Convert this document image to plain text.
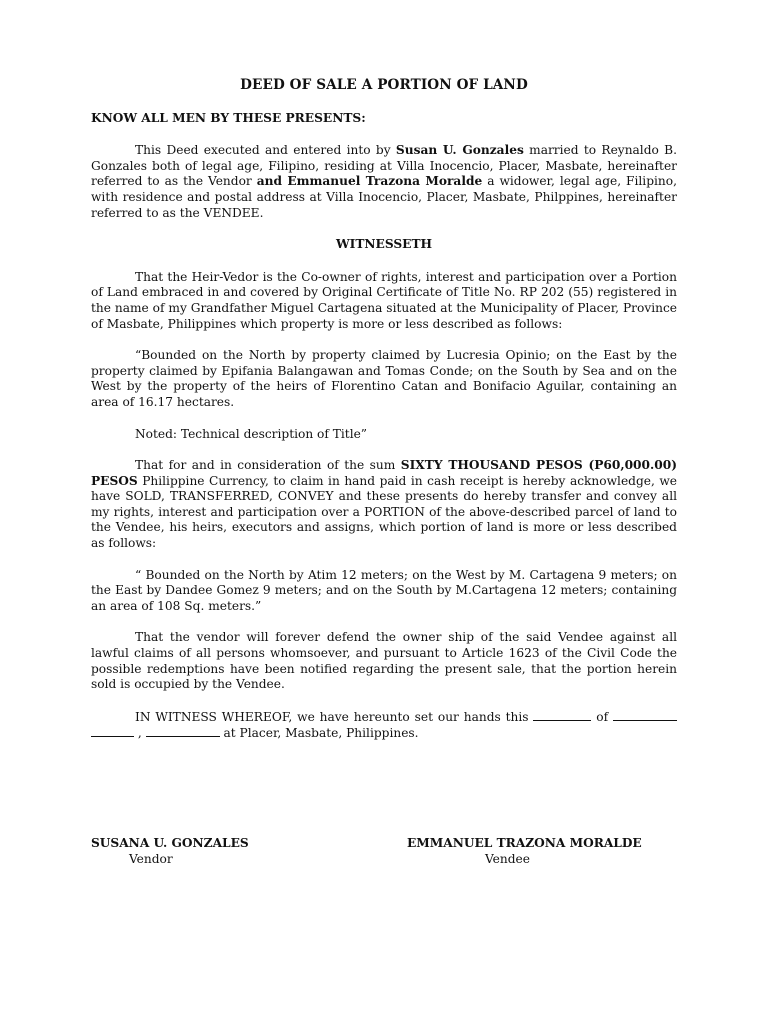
DEED OF SALE A PORTION OF LAND
KNOW ALL MEN BY THESE PRESENTS:

This Deed executed and entered into by Susan U. Gonzales married to Reynaldo B. Gonzales both of legal age, Filipino, residing at Villa Inocencio, Placer, Masbate, hereinafter referred to as the Vendor and Emmanuel Trazona Moralde a widower, legal age, Filipino, with residence and postal address at Villa Inocencio, Placer, Masbate, Philppines, hereinafter referred to as the VENDEE.

WITNESSETH

That the Heir-Vedor is the Co-owner of rights, interest and participation over a Portion of Land embraced in and covered by Original Certificate of Title No. RP 202 (55) registered in the name of my Grandfather Miguel Cartagena situated at the Municipality of Placer, Province of Masbate, Philippines which property is more or less described as follows:

“Bounded on the North by property claimed by Lucresia Opinio; on the East by the property claimed by Epifania Balangawan and Tomas Conde; on the South by Sea and on the West by the property of the heirs of Florentino Catan and Bonifacio Aguilar, containing an area of 16.17 hectares.

Noted: Technical description of Title”

That for and in consideration of the sum SIXTY THOUSAND PESOS (P60,000.00) PESOS Philippine Currency, to claim in hand paid in cash receipt is hereby acknowledge, we have SOLD, TRANSFERRED, CONVEY and these presents do hereby transfer and convey all my rights, interest and participation over a PORTION of the above-described parcel of land to the Vendee, his heirs, executors and assigns, which portion of land is more or less described as follows:

“ Bounded on the North by Atim 12 meters; on the West by M. Cartagena 9 meters; on the East by Dandee Gomez 9 meters; and on the South by M.Cartagena 12 meters; containing an area of 108 Sq. meters.”

That the vendor will forever defend the owner ship of the said Vendee against all lawful claims of all persons whomsoever, and pursuant to Article 1623 of the Civil Code the possible redemptions have been notified regarding the present sale, that the portion herein sold is occupied by the Vendee.

IN WITNESS WHEREOF, we have hereunto set our hands this	of   ,	at Placer, Masbate, Philippines.

SUSANA U. GONZALES
Vendor
EMMANUEL TRAZONA MORALDE
Vendee
